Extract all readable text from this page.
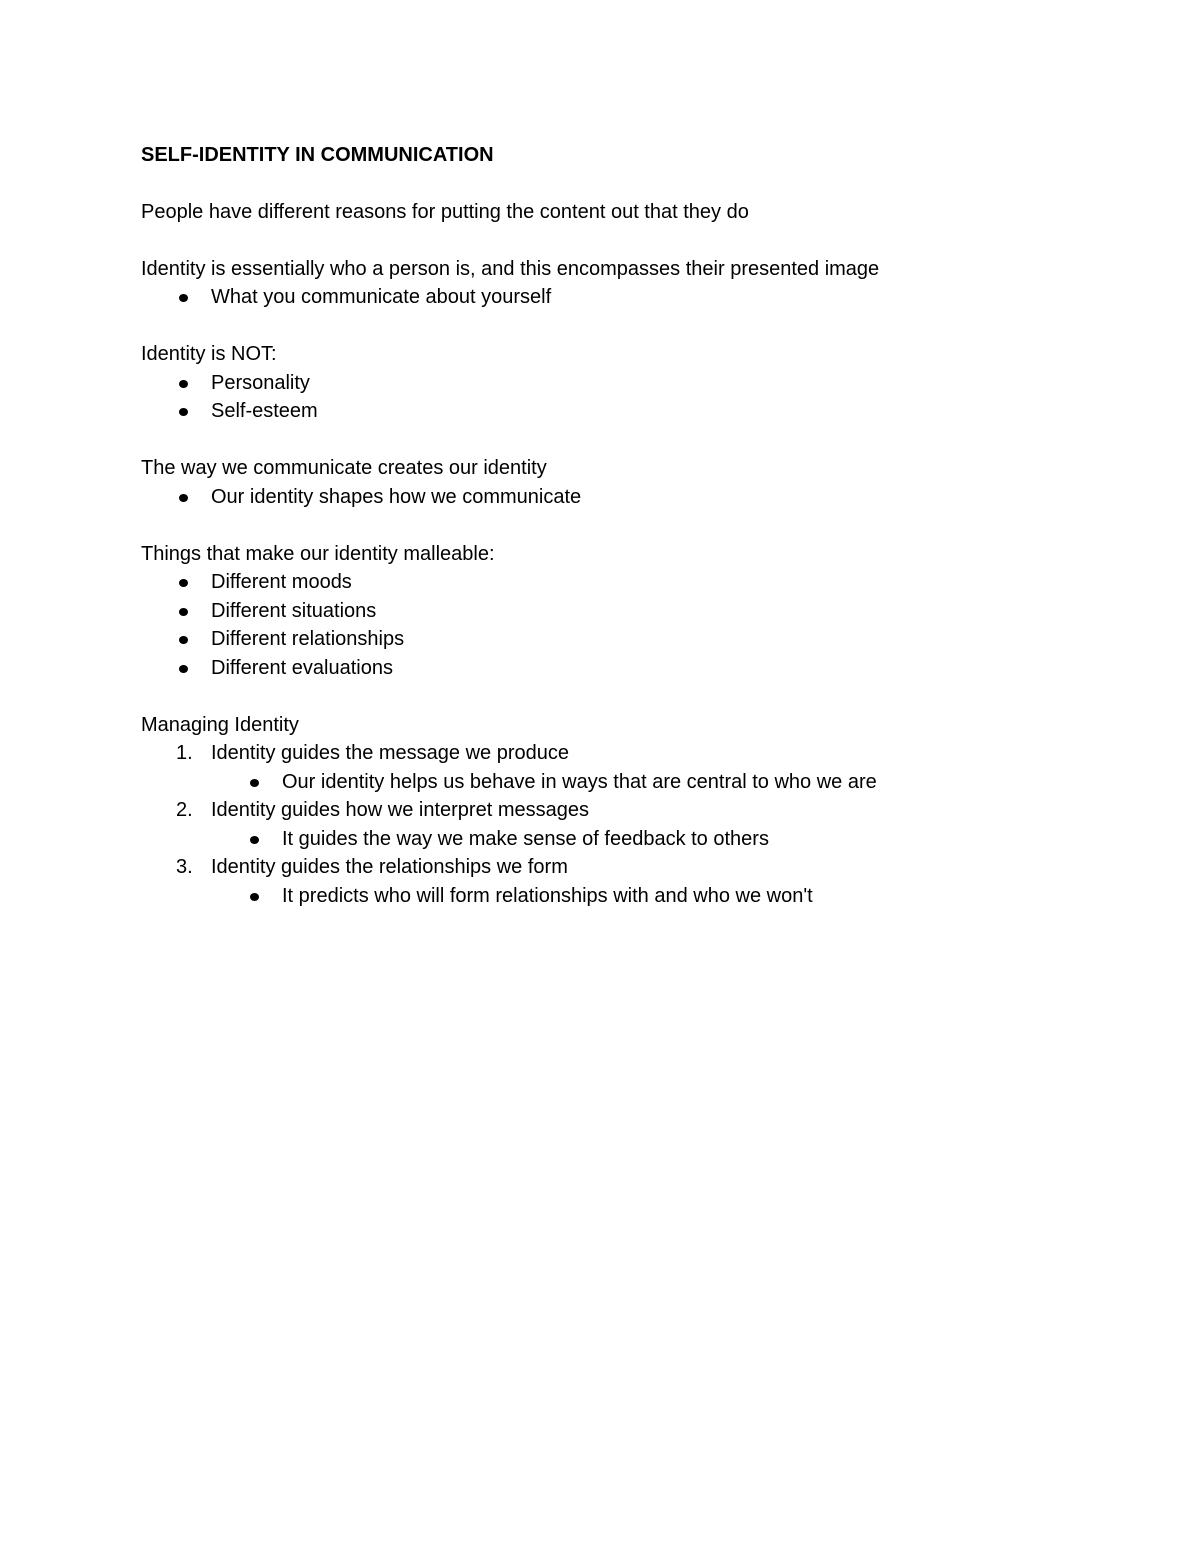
SELF-IDENTITY IN COMMUNICATION

People have different reasons for putting the content out that they do

Identity is essentially who a person is, and this encompasses their presented image

What you communicate about yourself

Identity is NOT:

Personality
Self-esteem

The way we communicate creates our identity

Our identity shapes how we communicate

Things that make our identity malleable:

Different moods
Different situations
Different relationships
Different evaluations

Managing Identity

1. Identity guides the message we produce
Our identity helps us behave in ways that are central to who we are
2. Identity guides how we interpret messages
It guides the way we make sense of feedback to others
3. Identity guides the relationships we form
It predicts who will form relationships with and who we won't
